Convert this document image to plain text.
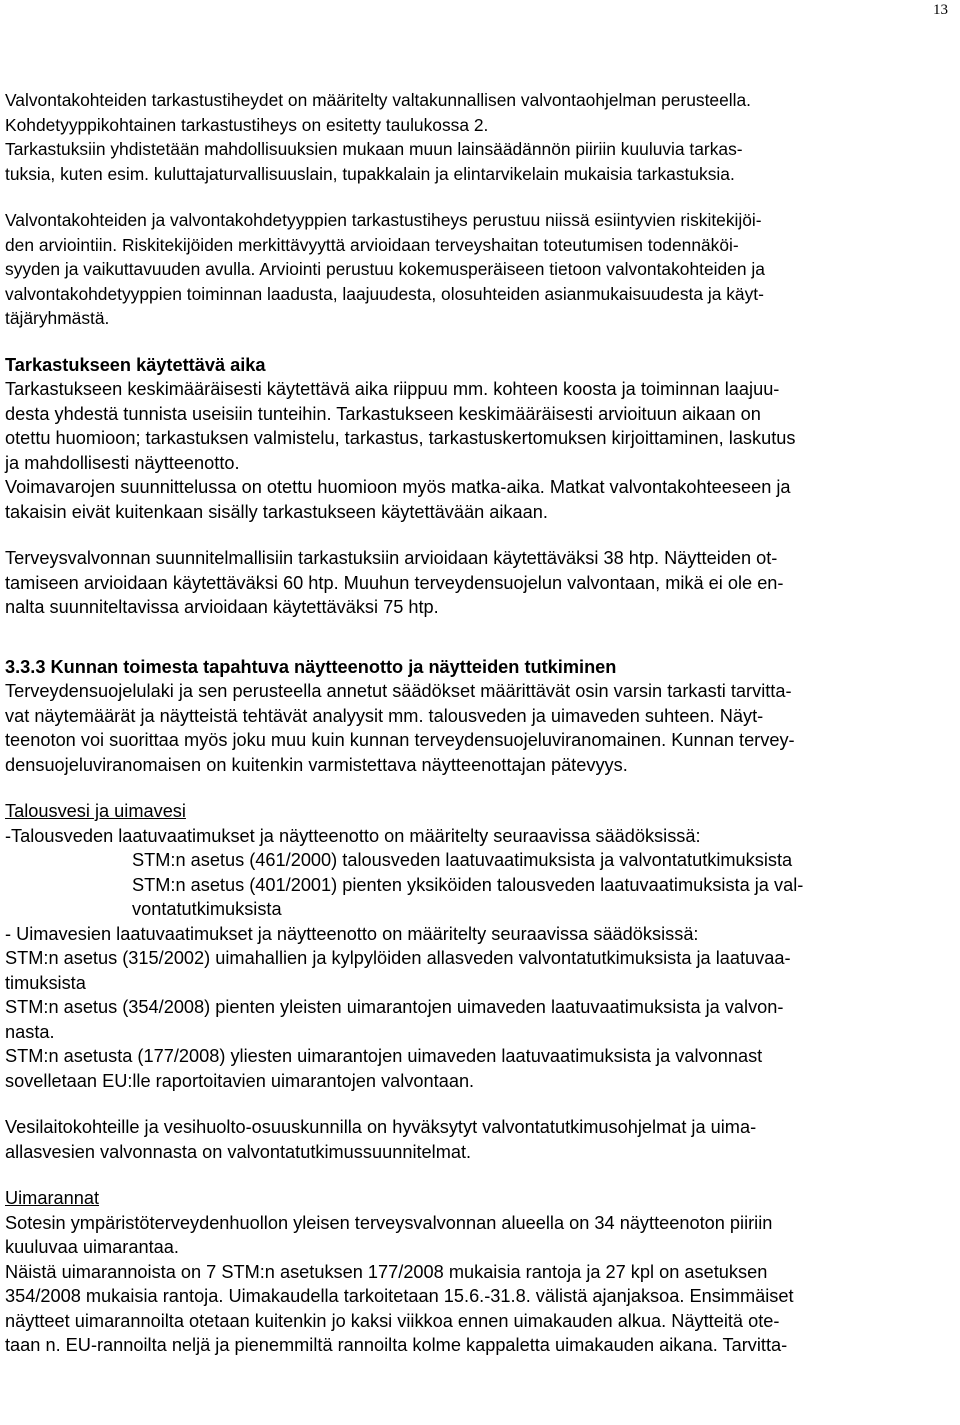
13

Valvontakohteiden tarkastustiheydet on määritelty valtakunnallisen valvontaohjelman perusteella.

Kohdetyyppikohtainen tarkastustiheys on esitetty taulukossa 2.

Tarkastuksiin yhdistetään mahdollisuuksien mukaan muun lainsäädännön piiriin kuuluvia tarkas-

tuksia, kuten esim. kuluttajaturvallisuuslain, tupakkalain ja elintarvikelain mukaisia tarkastuksia.

Valvontakohteiden ja valvontakohdetyyppien tarkastustiheys perustuu niissä esiintyvien riskitekijöi-

den arviointiin. Riskitekijöiden merkittävyyttä arvioidaan terveyshaitan toteutumisen todennäköi-

syyden ja vaikuttavuuden avulla. Arviointi perustuu kokemusperäiseen tietoon valvontakohteiden ja

valvontakohdetyyppien toiminnan laadusta, laajuudesta, olosuhteiden asianmukaisuudesta ja käyt-

täjäryhmästä.

Tarkastukseen käytettävä aika

Tarkastukseen keskimääräisesti käytettävä aika riippuu mm. kohteen koosta ja toiminnan laajuu-

desta yhdestä tunnista useisiin tunteihin. Tarkastukseen keskimääräisesti arvioituun aikaan on

otettu huomioon; tarkastuksen valmistelu, tarkastus, tarkastuskertomuksen kirjoittaminen, laskutus

ja mahdollisesti näytteenotto.

Voimavarojen suunnittelussa on otettu huomioon myös matka-aika. Matkat valvontakohteeseen ja

takaisin eivät kuitenkaan sisälly tarkastukseen käytettävään aikaan.

Terveysvalvonnan suunnitelmallisiin tarkastuksiin arvioidaan käytettäväksi 38 htp. Näytteiden ot-

tamiseen arvioidaan käytettäväksi 60 htp. Muuhun terveydensuojelun valvontaan, mikä ei ole en-

nalta suunniteltavissa arvioidaan käytettäväksi 75 htp.

3.3.3 Kunnan toimesta tapahtuva näytteenotto ja näytteiden tutkiminen

Terveydensuojelulaki ja sen perusteella annetut säädökset määrittävät osin varsin tarkasti tarvitta-

vat näytemäärät ja näytteistä tehtävät analyysit mm. talousveden ja uimaveden suhteen. Näyt-

teenoton voi suorittaa myös joku muu kuin kunnan terveydensuojeluviranomainen. Kunnan tervey-

densuojeluviranomaisen on kuitenkin varmistettava näytteenottajan pätevyys.

Talousvesi ja uimavesi

-Talousveden laatuvaatimukset ja näytteenotto on määritelty seuraavissa säädöksissä:

STM:n asetus (461/2000) talousveden laatuvaatimuksista ja valvontatutkimuksista

STM:n asetus (401/2001) pienten yksiköiden talousveden laatuvaatimuksista ja val-

vontatutkimuksista

- Uimavesien laatuvaatimukset ja näytteenotto on määritelty seuraavissa säädöksissä:

STM:n asetus (315/2002) uimahallien ja kylpylöiden allasveden valvontatutkimuksista ja laatuvaa-

timuksista

STM:n asetus (354/2008) pienten yleisten uimarantojen uimaveden laatuvaatimuksista ja valvon-

nasta.

STM:n asetusta (177/2008) yliesten uimarantojen uimaveden laatuvaatimuksista ja valvonnast

sovelletaan EU:lle raportoitavien uimarantojen valvontaan.

Vesilaitokohteille ja vesihuolto-osuuskunnilla on hyväksytyt valvontatutkimusohjelmat ja uima-

allasvesien valvonnasta on valvontatutkimussuunnitelmat.

Uimarannat

Sotesin ympäristöterveydenhuollon yleisen terveysvalvonnan alueella on 34 näytteenoton piiriin

kuuluvaa uimarantaa.

Näistä uimarannoista on 7 STM:n asetuksen 177/2008 mukaisia rantoja ja 27 kpl on asetuksen

354/2008 mukaisia rantoja. Uimakaudella tarkoitetaan 15.6.-31.8. välistä ajanjaksoa. Ensimmäiset

näytteet uimarannoilta otetaan kuitenkin jo kaksi viikkoa ennen uimakauden alkua. Näytteitä ote-

taan n. EU-rannoilta neljä ja pienemmiltä rannoilta kolme kappaletta uimakauden aikana. Tarvitta-
